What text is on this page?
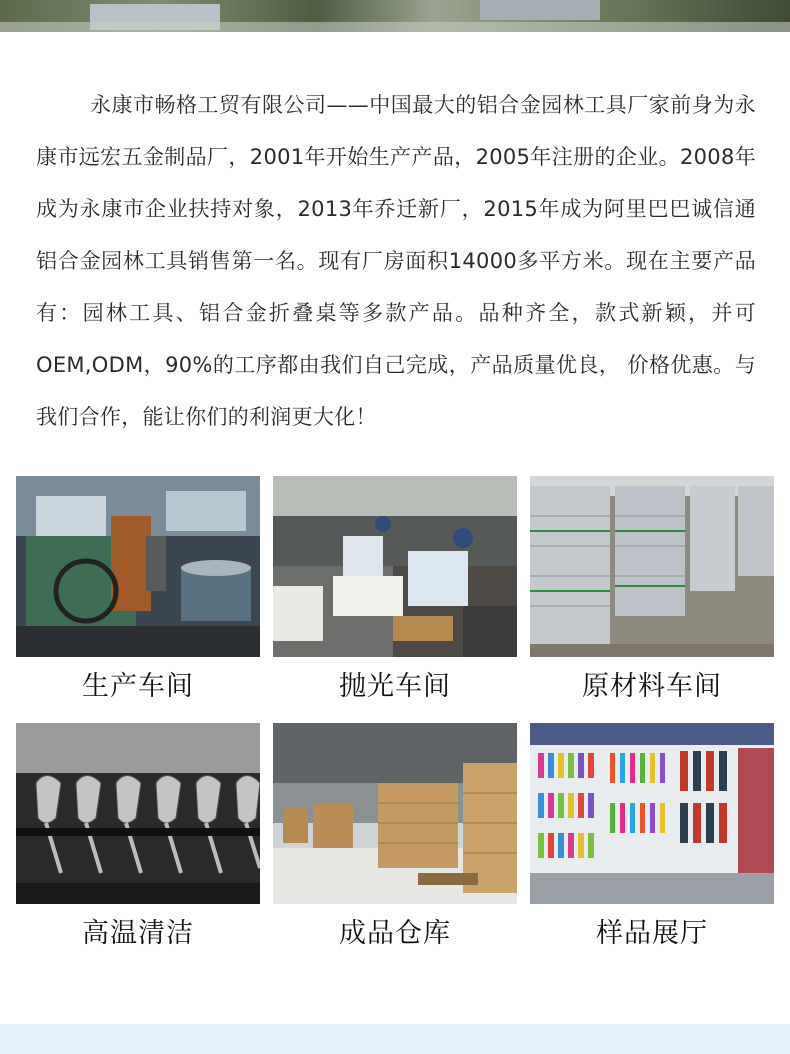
永康市畅格工贸有限公司——中国最大的铝合金园林工具厂家前身为永康市远宏五金制品厂，2001年开始生产产品，2005年注册的企业。2008年成为永康市企业扶持对象，2013年乔迁新厂，2015年成为阿里巴巴诚信通铝合金园林工具销售第一名。现有厂房面积14000多平方米。现在主要产品有：园林工具、铝合金折叠桌等多款产品。品种齐全，款式新颖，并可OEM,ODM，90%的工序都由我们自己完成，产品质量优良， 价格优惠。与我们合作，能让你们的利润更大化！

生产车间	抛光车间	原材料车间
高温清洁	成品仓库	样品展厅
